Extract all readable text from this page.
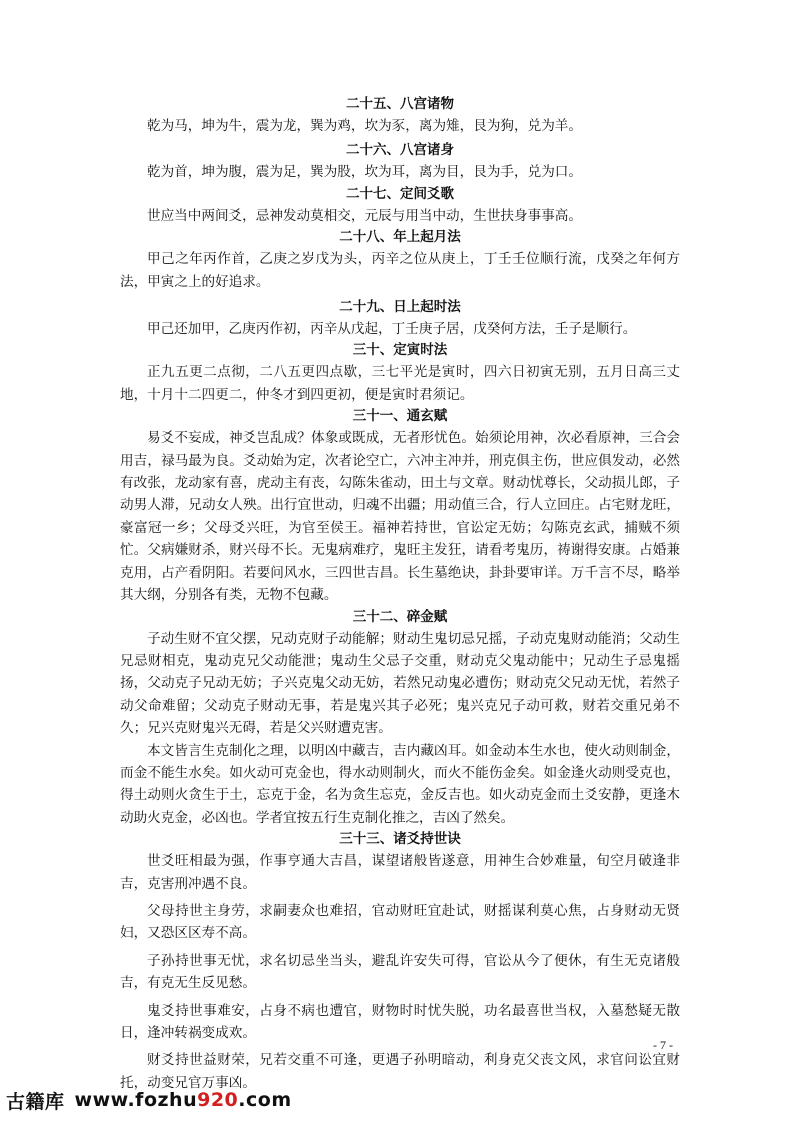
二十五、八宫诸物

乾为马，坤为牛，震为龙，巽为鸡，坎为豕，离为雉，艮为狗，兑为羊。

二十六、八宫诸身

乾为首，坤为腹，震为足，巽为股，坎为耳，离为目，艮为手，兑为口。

二十七、定间爻歌

世应当中两间爻，忌神发动莫相交，元辰与用当中动，生世扶身事事高。

二十八、年上起月法

甲己之年丙作首，乙庚之岁戊为头，丙辛之位从庚上，丁壬壬位顺行流，戊癸之年何方法，甲寅之上的好追求。

二十九、日上起时法

甲己还加甲，乙庚丙作初，丙辛从戊起，丁壬庚子居，戊癸何方法，壬子是顺行。

三十、定寅时法

正九五更二点彻，二八五更四点歇，三七平光是寅时，四六日初寅无别，五月日高三丈地，十月十二四更二，仲冬才到四更初，便是寅时君须记。

三十一、通玄赋

易爻不妄成，神爻岂乱成？体象或既成，无者形忧色。始须论用神，次必看原神，三合会用吉，禄马最为良。爻动始为定，次者论空亡，六冲主冲并，刑克俱主伤，世应俱发动，必然有改张，龙动家有喜，虎动主有丧，勾陈朱雀动，田土与文章。财动忧尊长，父动损儿郎，子动男人滞，兄动女人殃。出行宜世动，归魂不出疆；用动值三合，行人立回庄。占宅财龙旺，豪富冠一乡；父母爻兴旺，为官至侯王。福神若持世，官讼定无妨；勾陈克玄武，捕贼不须忙。父病嫌财杀，财兴母不长。无鬼病难疗，鬼旺主发狂，请看考鬼历，祷谢得安康。占婚兼克用，占产看阴阳。若要问风水，三四世吉昌。长生墓绝诀，卦卦要审详。万千言不尽，略举其大纲，分别各有类，无物不包藏。

三十二、碎金赋

子动生财不宜父摆，兄动克财子动能解；财动生鬼切忌兄摇，子动克鬼财动能消；父动生兄忌财相克，鬼动克兄父动能泄；鬼动生父忌子交重，财动克父鬼动能中；兄动生子忌鬼摇扬，父动克子兄动无妨；子兴克鬼父动无妨，若然兄动鬼必遭伤；财动克父兄动无忧，若然子动父命难留；父动克子财动无事，若是鬼兴其子必死；鬼兴克兄子动可救，财若交重兄弟不久；兄兴克财鬼兴无碍，若是父兴财遭克害。

本文皆言生克制化之理，以明凶中藏吉，吉内藏凶耳。如金动本生水也，使火动则制金，而金不能生水矣。如火动可克金也，得水动则制火，而火不能伤金矣。如金逢火动则受克也，得土动则火贪生于土，忘克于金，名为贪生忘克，金反吉也。如火动克金而土爻安静，更逢木动助火克金，必凶也。学者宜按五行生克制化推之，吉凶了然矣。

三十三、诸爻持世诀

世爻旺相最为强，作事亨通大吉昌，谋望诸般皆遂意，用神生合妙难量，旬空月破逢非吉，克害刑冲遇不良。

父母持世主身劳，求嗣妻众也难招，官动财旺宜赴试，财摇谋利莫心焦，占身财动无贤妇，又恐区区寿不高。

子孙持世事无忧，求名切忌坐当头，避乱许安失可得，官讼从今了便休，有生无克诸般吉，有克无生反见愁。

鬼爻持世事难安，占身不病也遭官，财物时时忧失脱，功名最喜世当权，入墓愁疑无散日，逢冲转祸变成欢。

财爻持世益财荣，兄若交重不可逢，更遇子孙明暗动，利身克父丧文风，求官问讼宜财托，动变兄官万事凶。

- 7 -
古籍库 www.fozhu 920 .com
